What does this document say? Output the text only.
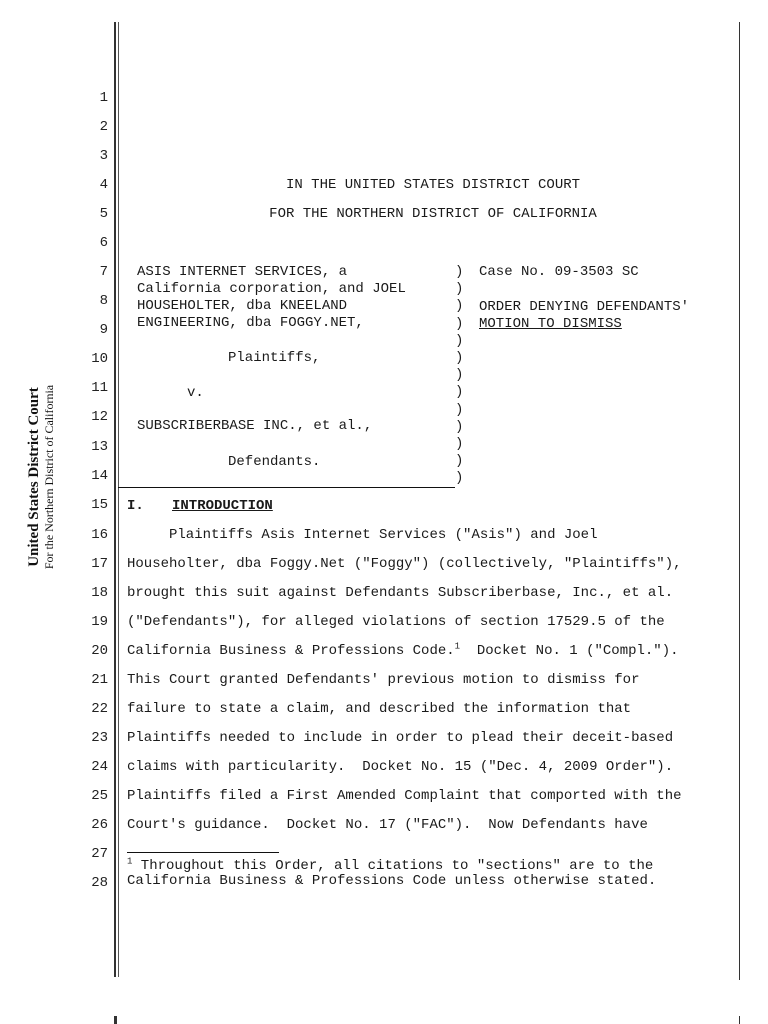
United States District Court For the Northern District of California
1
2
3
4
5
6
7
8
9
10
11
12
13
14
15
16
17
18
19
20
21
22
23
24
25
26
27
28
IN THE UNITED STATES DISTRICT COURT
FOR THE NORTHERN DISTRICT OF CALIFORNIA
ASIS INTERNET SERVICES, a
California corporation, and JOEL
HOUSEHOLTER, dba KNEELAND
ENGINEERING, dba FOGGY.NET,
Plaintiffs,
v.
SUBSCRIBERBASE INC., et al.,
Defendants.
)
)
)
)
)
)
)
)
)
)
)
)
)
Case No. 09-3503 SC
ORDER DENYING DEFENDANTS'
MOTION TO DISMISS
I. INTRODUCTION
Plaintiffs Asis Internet Services ("Asis") and Joel
Householter, dba Foggy.Net ("Foggy") (collectively, "Plaintiffs"),
brought this suit against Defendants Subscriberbase, Inc., et al.
("Defendants"), for alleged violations of section 17529.5 of the
California Business & Professions Code.$^1$  Docket No. 1 ("Compl.").
This Court granted Defendants' previous motion to dismiss for
failure to state a claim, and described the information that
Plaintiffs needed to include in order to plead their deceit-based
claims with particularity.  Docket No. 15 ("Dec. 4, 2009 Order").
Plaintiffs filed a First Amended Complaint that comported with the
Court's guidance.  Docket No. 17 ("FAC").  Now Defendants have
$^1$ Throughout this Order, all citations to "sections" are to the
California Business & Professions Code unless otherwise stated.
